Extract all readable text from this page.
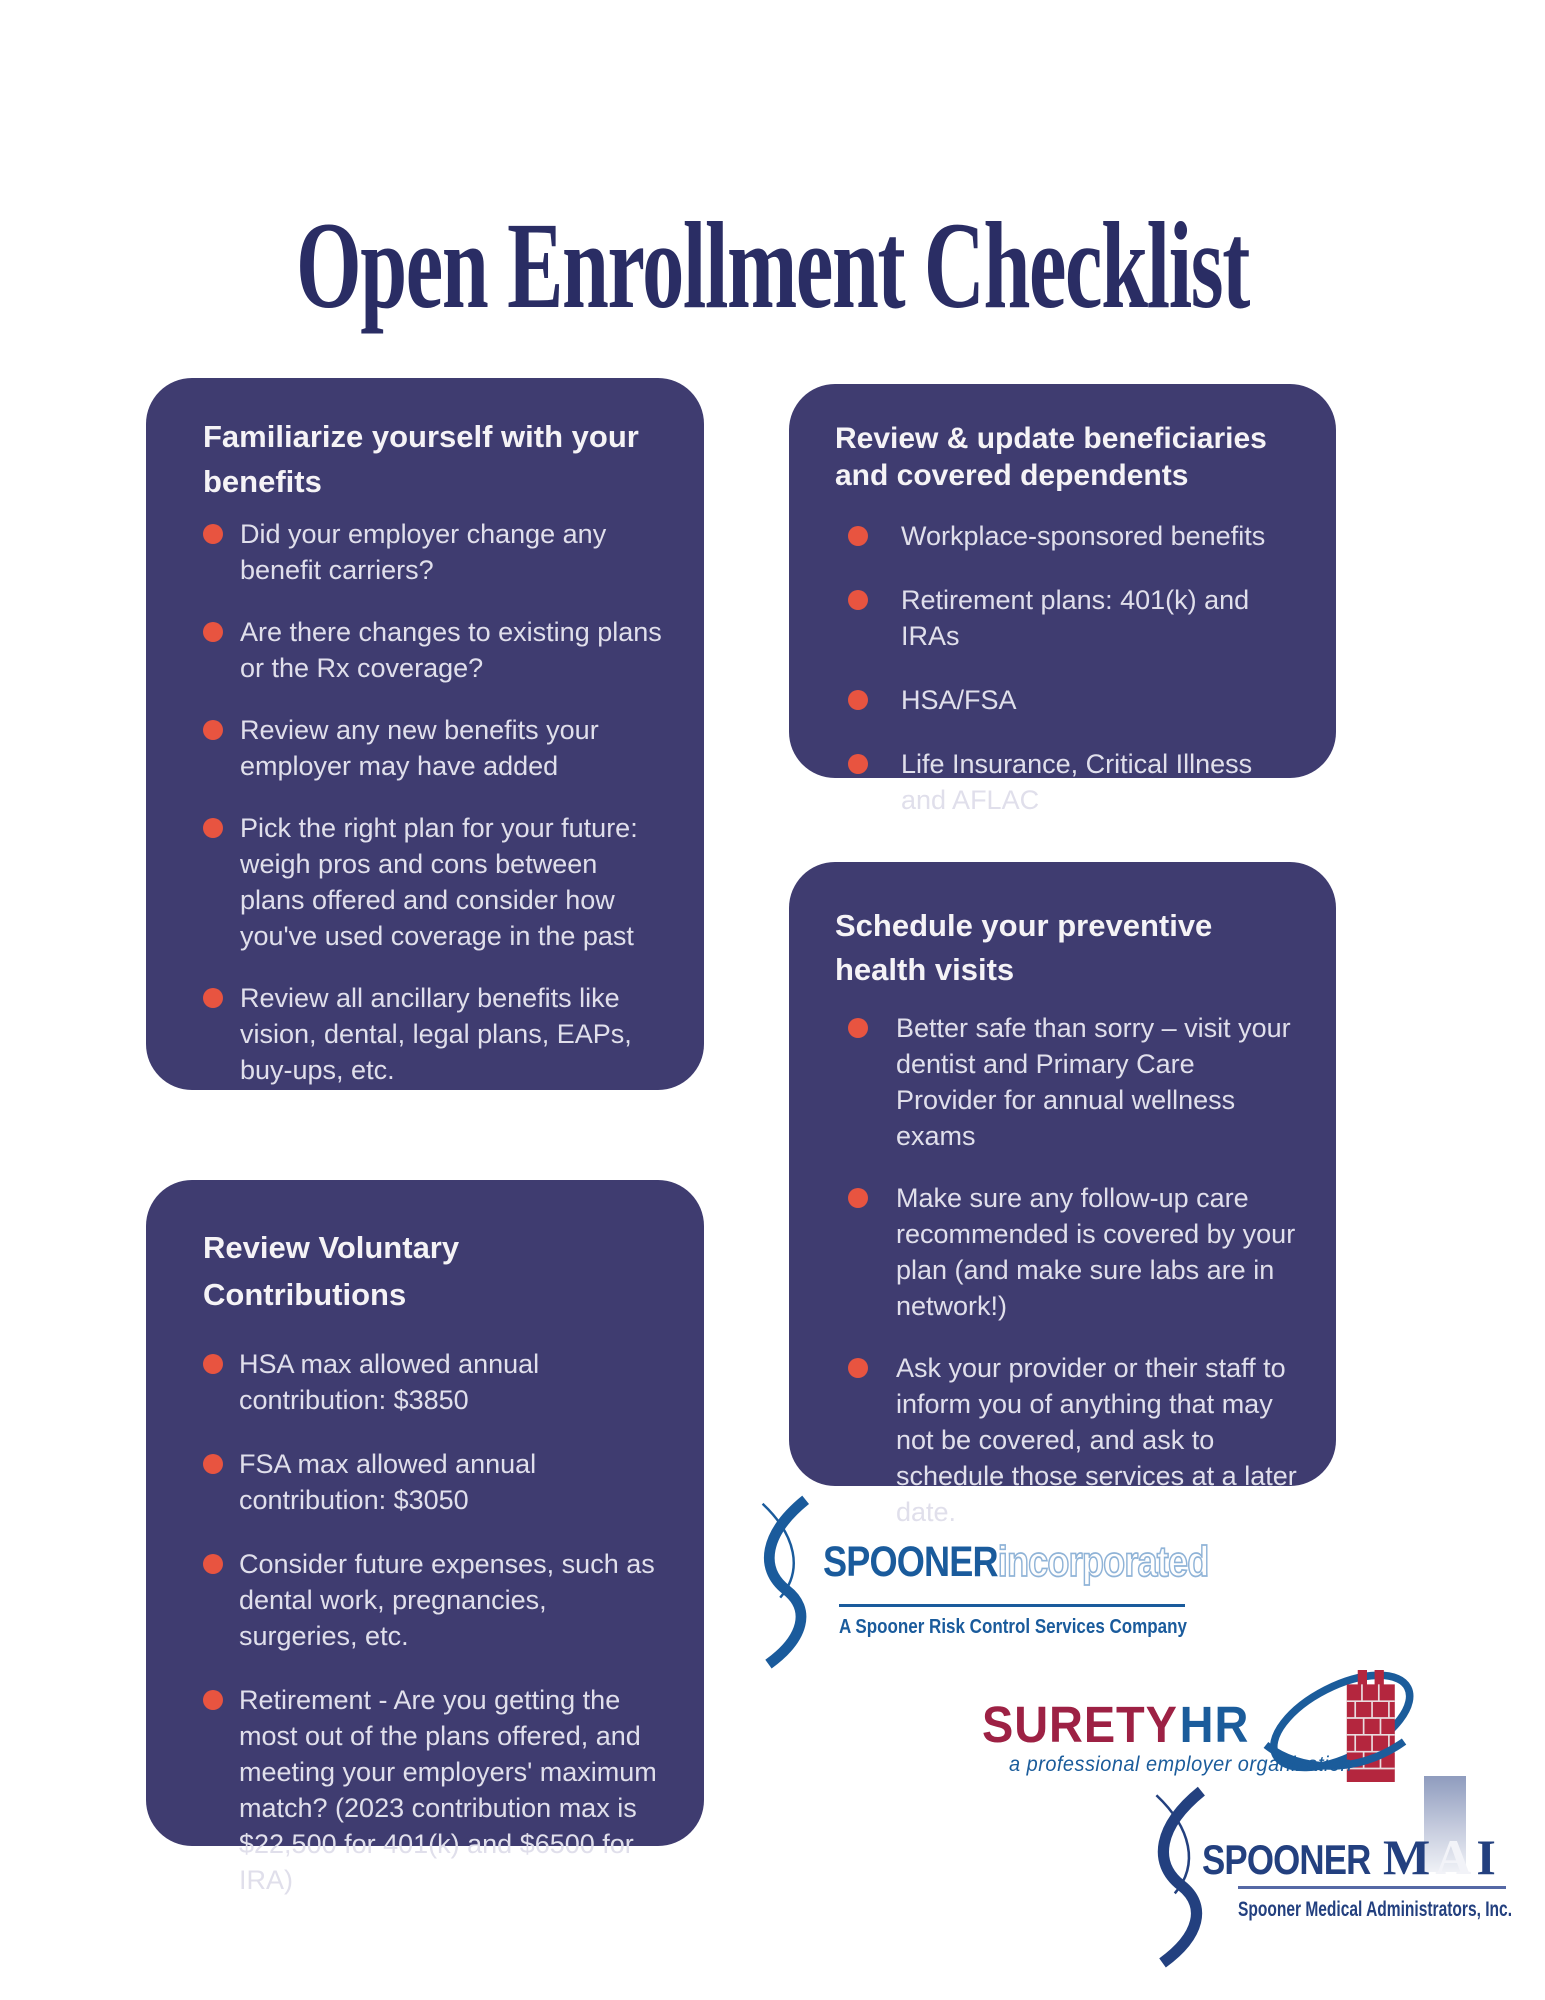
Open Enrollment Checklist
Familiarize yourself with your benefits
Did your employer change any benefit carriers?
Are there changes to existing plans or the Rx coverage?
Review any new benefits your employer may have added
Pick the right plan for your future: weigh pros and cons between plans offered and consider how you've used coverage in the past
Review all ancillary benefits like vision, dental, legal plans, EAPs, buy-ups, etc.
Review & update beneficiaries and covered dependents
Workplace-sponsored benefits
Retirement plans: 401(k) and IRAs
HSA/FSA
Life Insurance, Critical Illness and AFLAC
Review Voluntary Contributions
HSA max allowed annual contribution: $3850
FSA max allowed annual contribution: $3050
Consider future expenses, such as dental work, pregnancies, surgeries, etc.
Retirement - Are you getting the most out of the plans offered, and meeting your employers' maximum match? (2023 contribution max is $22,500 for 401(k) and $6500 for IRA)
Schedule your preventive health visits
Better safe than sorry – visit your dentist and Primary Care Provider for annual wellness exams
Make sure any follow-up care recommended is covered by your plan (and make sure labs are in network!)
Ask your provider or their staff to inform you of anything that may not be covered, and ask to schedule those services at a later date.
SPOONERincorporated
A Spooner Risk Control Services Company
SURETYHR
a professional employer organization
SPOONER MAI
Spooner Medical Administrators, Inc.
